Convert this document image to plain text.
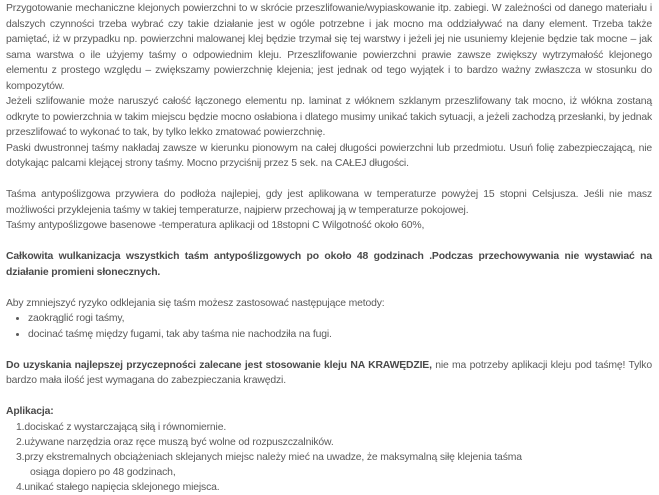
Przygotowanie mechaniczne klejonych powierzchni to w skrócie przeszlifowanie/wypiaskowanie itp. zabiegi. W zależności od danego materiału i dalszych czynności trzeba wybrać czy takie działanie jest w ogóle potrzebne i jak mocno ma oddziaływać na dany element. Trzeba także pamiętać, iż w przypadku np. powierzchni malowanej klej będzie trzymał się tej warstwy i jeżeli jej nie usuniemy klejenie będzie tak mocne – jak sama warstwa o ile użyjemy taśmy o odpowiednim kleju. Przeszlifowanie powierzchni prawie zawsze zwiększy wytrzymałość klejonego elementu z prostego względu – zwiększamy powierzchnię klejenia; jest jednak od tego wyjątek i to bardzo ważny zwłaszcza w stosunku do kompozytów.

Jeżeli szlifowanie może naruszyć całość łączonego elementu np. laminat z włóknem szklanym przeszlifowany tak mocno, iż włókna zostaną odkryte to powierzchnia w takim miejscu będzie mocno osłabiona i dlatego musimy unikać takich sytuacji, a jeżeli zachodzą przesłanki, by jednak przeszlifować to wykonać to tak, by tylko lekko zmatować powierzchnię.

Paski dwustronnej taśmy nakładaj zawsze w kierunku pionowym na całej długości powierzchni lub przedmiotu. Usuń folię zabezpieczającą, nie dotykając palcami klejącej strony taśmy. Mocno przyciśnij przez 5 sek. na CAŁEJ długości.

Taśma antypoślizgowa przywiera do podłoża najlepiej, gdy jest aplikowana w temperaturze powyżej 15 stopni Celsjusza. Jeśli nie masz możliwości przyklejenia taśmy w takiej temperaturze, najpierw przechowaj ją w temperaturze pokojowej.

Taśmy antypoślizgowe basenowe -temperatura aplikacji od 18stopni C Wilgotność około 60%,

Całkowita wulkanizacja wszystkich taśm antypoślizgowych po około 48 godzinach .Podczas przechowywania nie wystawiać na działanie promieni słonecznych.

Aby zmniejszyć ryzyko odklejania się taśm możesz zastosować następujące metody:

• zaokrąglić rogi taśmy,
• docinać taśmę między fugami, tak aby taśma nie nachodziła na fugi.

Do uzyskania najlepszej przyczepności zalecane jest stosowanie kleju NA KRAWĘDZIE, nie ma potrzeby aplikacji kleju pod taśmę! Tylko bardzo mała ilość jest wymagana do zabezpieczania krawędzi.

Aplikacja:

1.dociskać z wystarczającą siłą i równomiernie.
2.używane narzędzia oraz ręce muszą być wolne od rozpuszczalników.
3.przy ekstremalnych obciążeniach sklejanych miejsc należy mieć na uwadze, że maksymalną siłę klejenia taśma
osiąga dopiero po 48 godzinach,
4.unikać stałego napięcia sklejonego miejsca.
